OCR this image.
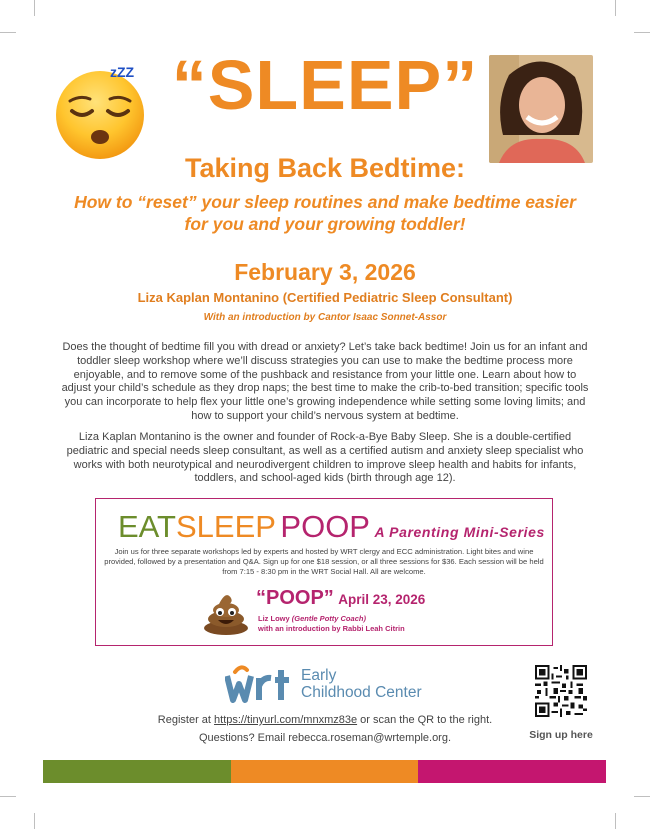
zZZ “SLEEP”
Taking Back Bedtime:
How to “reset” your sleep routines and make bedtime easier for you and your growing toddler!
February 3, 2026
Liza Kaplan Montanino (Certified Pediatric Sleep Consultant)
With an introduction by Cantor Isaac Sonnet-Assor
Does the thought of bedtime fill you with dread or anxiety? Let’s take back bedtime! Join us for an infant and toddler sleep workshop where we’ll discuss strategies you can use to make the bedtime process more enjoyable, and to remove some of the pushback and resistance from your little one. Learn about how to adjust your child’s schedule as they drop naps; the best time to make the crib-to-bed transition; specific tools you can incorporate to help flex your little one’s growing independence while setting some loving limits; and how to support your child’s nervous system at bedtime.
Liza Kaplan Montanino is the owner and founder of Rock-a-Bye Baby Sleep. She is a double-certified pediatric and special needs sleep consultant, as well as a certified autism and anxiety sleep specialist who works with both neurotypical and neurodivergent children to improve sleep health and habits for infants, toddlers, and school-aged kids (birth through age 12).
EATSLEEP POOP A Parenting Mini-Series
Join us for three separate workshops led by experts and hosted by WRT clergy and ECC administration. Light bites and wine provided, followed by a presentation and Q&A. Sign up for one $18 session, or all three sessions for $36. Each session will be held from 7:15 - 8:30 pm in the WRT Social Hall. All are welcome.
“POOP” April 23, 2026
Liz Lowy (Gentle Potty Coach)
with an introduction by Rabbi Leah Citrin
Early
Childhood Center
Sign up here
Register at https://tinyurl.com/mnxmz83e or scan the QR to the right.
Questions? Email rebecca.roseman@wrtemple.org.
